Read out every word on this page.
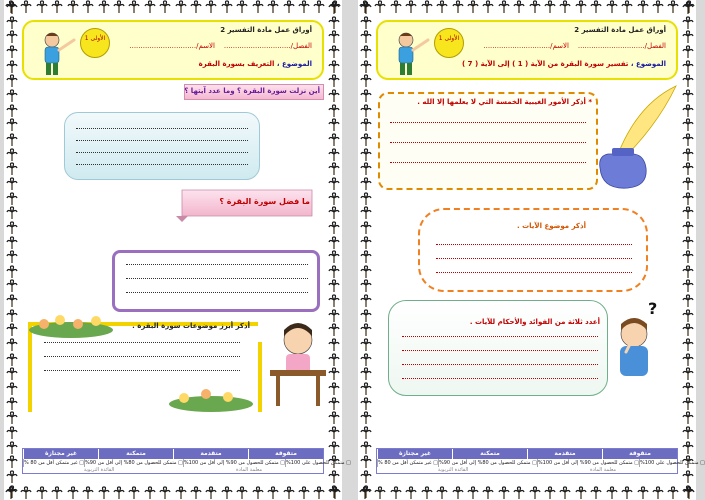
الأولى 1
أوراق عمل مادة التفسير 2
الفصل/..............................    الاسم/..............................
الموضوع ، التعريف بسورة البقرة
أين نزلت سورة البقرة ؟ وما عدد آيتها ؟
ما فضل سورة البقرة ؟
أذكر أبرز موضوعات سورة البقرة .
غير مجتازة	متمكنة	متقدمة	متقوقة
□ غير متمكن أقل من 80 % □ متمكن للحصول من 80% إلى أقل من 90% □ متمكن للحصول من 90% إلى أقل من 100% □ متمكن للحصول على 100%
القائدة التربوية	معلمة المادة
الأولى 1
أوراق عمل مادة التفسير 2
الفصل/..............................    الاسم/..............................
الموضوع ، تفسير سورة البقرة من الآية ( 1 ) إلى الآية ( 7 )
* أذكر الأمور الغيبية الخمسة التي لا يعلمها إلا الله .
أذكر موضوع الآيات .
أعدد ثلاثة من الفوائد والأحكام للآيات .
?
غير مجتازة	متمكنة	متقدمة	متقوقة
□ غير متمكن أقل من 80 % □ متمكن للحصول من 80% إلى أقل من 90% □ متمكن للحصول من 90% إلى أقل من 100% □ متمكن للحصول على 100%
القائدة التربوية	معلمة المادة
